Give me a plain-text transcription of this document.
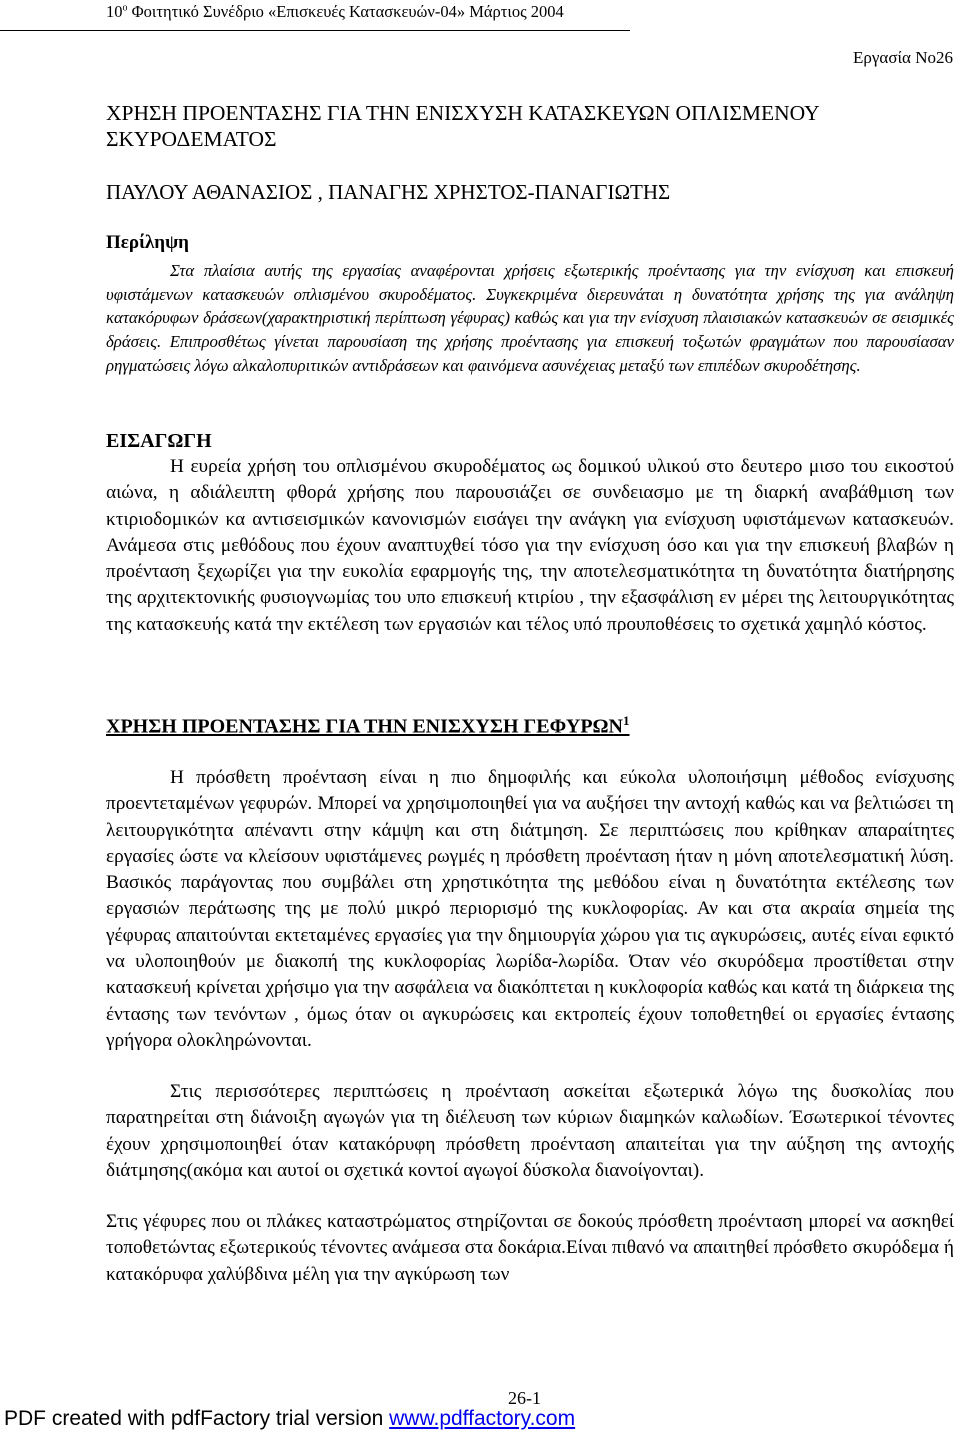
$10^o$ Φοιτητικό Συνέδριο «Επισκευές Κατασκευών-04» Μάρτιος 2004
Εργασία Νο26
ΧΡΗΣΗ ΠΡΟΕΝΤΑΣΗΣ ΓΙΑ ΤΗΝ ΕΝΙΣΧΥΣΗ ΚΑΤΑΣΚΕΥΩΝ ΟΠΛΙΣΜΕΝΟΥ ΣΚΥΡΟΔΕΜΑΤΟΣ
ΠΑΥΛΟΥ ΑΘΑΝΑΣΙΟΣ , ΠΑΝΑΓΗΣ ΧΡΗΣΤΟΣ-ΠΑΝΑΓΙΩΤΗΣ
Περίληψη
Στα πλαίσια αυτής της εργασίας αναφέρονται χρήσεις εξωτερικής προέντασης για την ενίσχυση και επισκευή υφιστάμενων κατασκευών οπλισμένου σκυροδέματος. Συγκεκριμένα διερευνάται η δυνατότητα χρήσης της για ανάληψη κατακόρυφων δράσεων(χαρακτηριστική περίπτωση γέφυρας) καθώς και για την ενίσχυση πλαισιακών κατασκευών σε σεισμικές δράσεις. Επιπροσθέτως γίνεται παρουσίαση της χρήσης προέντασης για επισκευή τοξωτών φραγμάτων που παρουσίασαν ρηγματώσεις λόγω αλκαλοπυριτικών αντιδράσεων και φαινόμενα ασυνέχειας μεταξύ των επιπέδων σκυροδέτησης.
ΕΙΣΑΓΩΓΗ

Η ευρεία χρήση του οπλισμένου σκυροδέματος ως δομικού υλικού στο δευτερο μισο του εικοστού αιώνα, η αδιάλειπτη φθορά χρήσης που παρουσιάζει σε συνδειασμο με τη διαρκή αναβάθμιση των κτιριοδομικών κα αντισεισμικών κανονισμών εισάγει την ανάγκη για ενίσχυση υφιστάμενων κατασκευών. Ανάμεσα στις μεθόδους που έχουν αναπτυχθεί τόσο για την ενίσχυση όσο και για την επισκευή βλαβών η προένταση ξεχωρίζει για την ευκολία εφαρμογής της, την αποτελεσματικότητα τη δυνατότητα διατήρησης της αρχιτεκτονικής φυσιογνωμίας του υπο επισκευή κτιρίου , την εξασφάλιση εν μέρει της λειτουργικότητας της κατασκευής κατά την εκτέλεση των εργασιών και τέλος υπό προυποθέσεις το σχετικά χαμηλό κόστος.

ΧΡΗΣΗ ΠΡΟΕΝΤΑΣΗΣ ΓΙΑ ΤΗΝ ΕΝΙΣΧΥΣΗ ΓΕΦΥΡΩΝ$^1$

Η πρόσθετη προένταση είναι η πιο δημοφιλής και εύκολα υλοποιήσιμη μέθοδος ενίσχυσης προεντεταμένων γεφυρών. Μπορεί να χρησιμοποιηθεί για να αυξήσει την αντοχή καθώς και να βελτιώσει τη λειτουργικότητα απέναντι στην κάμψη και στη διάτμηση. Σε περιπτώσεις που κρίθηκαν απαραίτητες εργασίες ώστε να κλείσουν υφιστάμενες ρωγμές η πρόσθετη προένταση ήταν η μόνη αποτελεσματική λύση. Βασικός παράγοντας που συμβάλει στη χρηστικότητα της μεθόδου είναι η δυνατότητα εκτέλεσης των εργασιών περάτωσης της με πολύ μικρό περιορισμό της κυκλοφορίας. Αν και στα ακραία σημεία της γέφυρας απαιτούνται εκτεταμένες εργασίες για την δημιουργία χώρου για τις αγκυρώσεις, αυτές είναι εφικτό να υλοποιηθούν με διακοπή της κυκλοφορίας λωρίδα-λωρίδα. Όταν νέο σκυρόδεμα προστίθεται στην κατασκευή κρίνεται χρήσιμο για την ασφάλεια να διακόπτεται η κυκλοφορία καθώς και κατά τη διάρκεια της έντασης των τενόντων , όμως όταν οι αγκυρώσεις και εκτροπείς έχουν τοποθετηθεί οι εργασίες έντασης γρήγορα ολοκληρώνονται.

Στις περισσότερες περιπτώσεις η προένταση ασκείται εξωτερικά λόγω της δυσκολίας που παρατηρείται στη διάνοιξη αγωγών για τη διέλευση των κύριων διαμηκών καλωδίων. Έσωτερικοί τένοντες έχουν χρησιμοποιηθεί όταν κατακόρυφη πρόσθετη προένταση απαιτείται για την αύξηση της αντοχής διάτμησης(ακόμα και αυτοί οι σχετικά κοντοί αγωγοί δύσκολα διανοίγονται).

Στις γέφυρες που οι πλάκες καταστρώματος στηρίζονται σε δοκούς πρόσθετη προένταση μπορεί να ασκηθεί τοποθετώντας εξωτερικούς τένοντες ανάμεσα στα δοκάρια.Είναι πιθανό να απαιτηθεί πρόσθετο σκυρόδεμα ή κατακόρυφα χαλύβδινα μέλη για την αγκύρωση των

26-1
PDF created with pdfFactory trial version www.pdffactory.com
